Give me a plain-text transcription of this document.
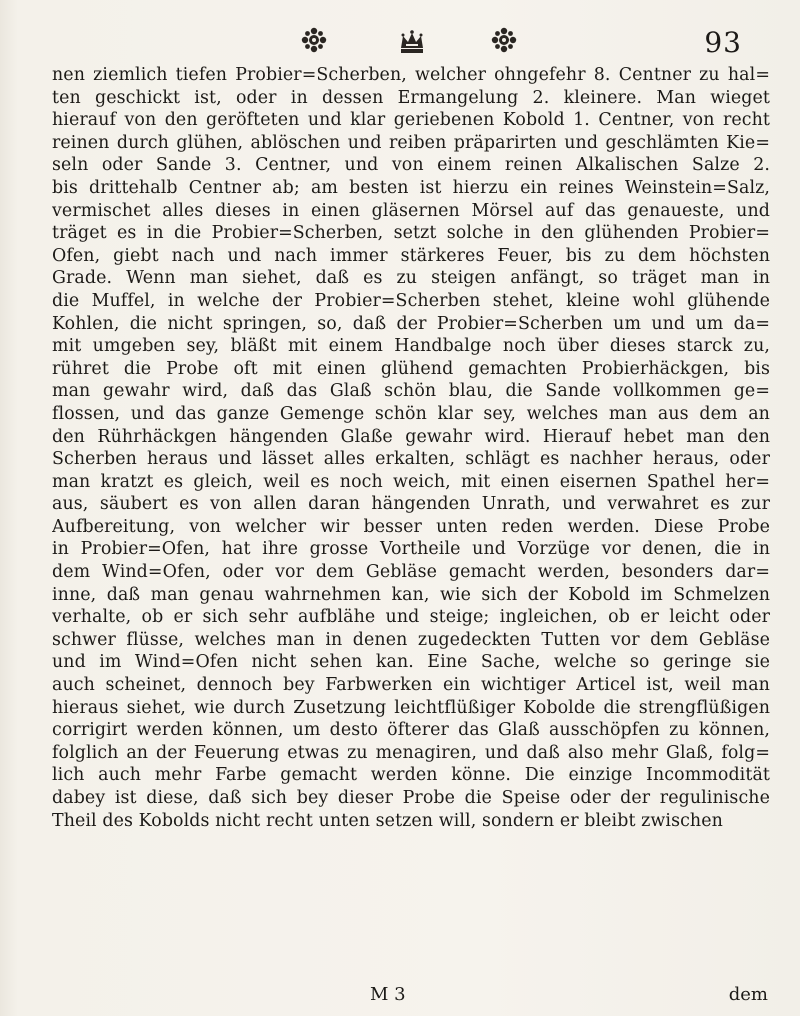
93
nen ziemlich tiefen Probier=Scherben, welcher ohngefehr 8. Centner zu hal=
ten geschickt ist, oder in dessen Ermangelung 2. kleinere. Man wieget
hierauf von den geröfteten und klar geriebenen Kobold 1. Centner, von recht
reinen durch glühen, ablöschen und reiben präparirten und geschlämten Kie=
seln oder Sande 3. Centner, und von einem reinen Alkalischen Salze 2.
bis drittehalb Centner ab; am besten ist hierzu ein reines Weinstein=Salz,
vermischet alles dieses in einen gläsernen Mörsel auf das genaueste, und
träget es in die Probier=Scherben, setzt solche in den glühenden Probier=
Ofen, giebt nach und nach immer stärkeres Feuer, bis zu dem höchsten
Grade. Wenn man siehet, daß es zu steigen anfängt, so träget man in
die Muffel, in welche der Probier=Scherben stehet, kleine wohl glühende
Kohlen, die nicht springen, so, daß der Probier=Scherben um und um da=
mit umgeben sey, bläßt mit einem Handbalge noch über dieses starck zu,
rühret die Probe oft mit einen glühend gemachten Probierhäckgen, bis
man gewahr wird, daß das Glaß schön blau, die Sande vollkommen ge=
flossen, und das ganze Gemenge schön klar sey, welches man aus dem an
den Rührhäckgen hängenden Glaße gewahr wird. Hierauf hebet man den
Scherben heraus und lässet alles erkalten, schlägt es nachher heraus, oder
man kratzt es gleich, weil es noch weich, mit einen eisernen Spathel her=
aus, säubert es von allen daran hängenden Unrath, und verwahret es zur
Aufbereitung, von welcher wir besser unten reden werden. Diese Probe
in Probier=Ofen, hat ihre grosse Vortheile und Vorzüge vor denen, die in
dem Wind=Ofen, oder vor dem Gebläse gemacht werden, besonders dar=
inne, daß man genau wahrnehmen kan, wie sich der Kobold im Schmelzen
verhalte, ob er sich sehr aufblähe und steige; ingleichen, ob er leicht oder
schwer flüsse, welches man in denen zugedeckten Tutten vor dem Gebläse
und im Wind=Ofen nicht sehen kan. Eine Sache, welche so geringe sie
auch scheinet, dennoch bey Farbwerken ein wichtiger Articel ist, weil man
hieraus siehet, wie durch Zusetzung leichtflüßiger Kobolde die strengflüßigen
corrigirt werden können, um desto öfterer das Glaß ausschöpfen zu können,
folglich an der Feuerung etwas zu menagiren, und daß also mehr Glaß, folg=
lich auch mehr Farbe gemacht werden könne. Die einzige Incommodität
dabey ist diese, daß sich bey dieser Probe die Speise oder der regulinische
Theil des Kobolds nicht recht unten setzen will, sondern er bleibt zwischen
M 3	dem
